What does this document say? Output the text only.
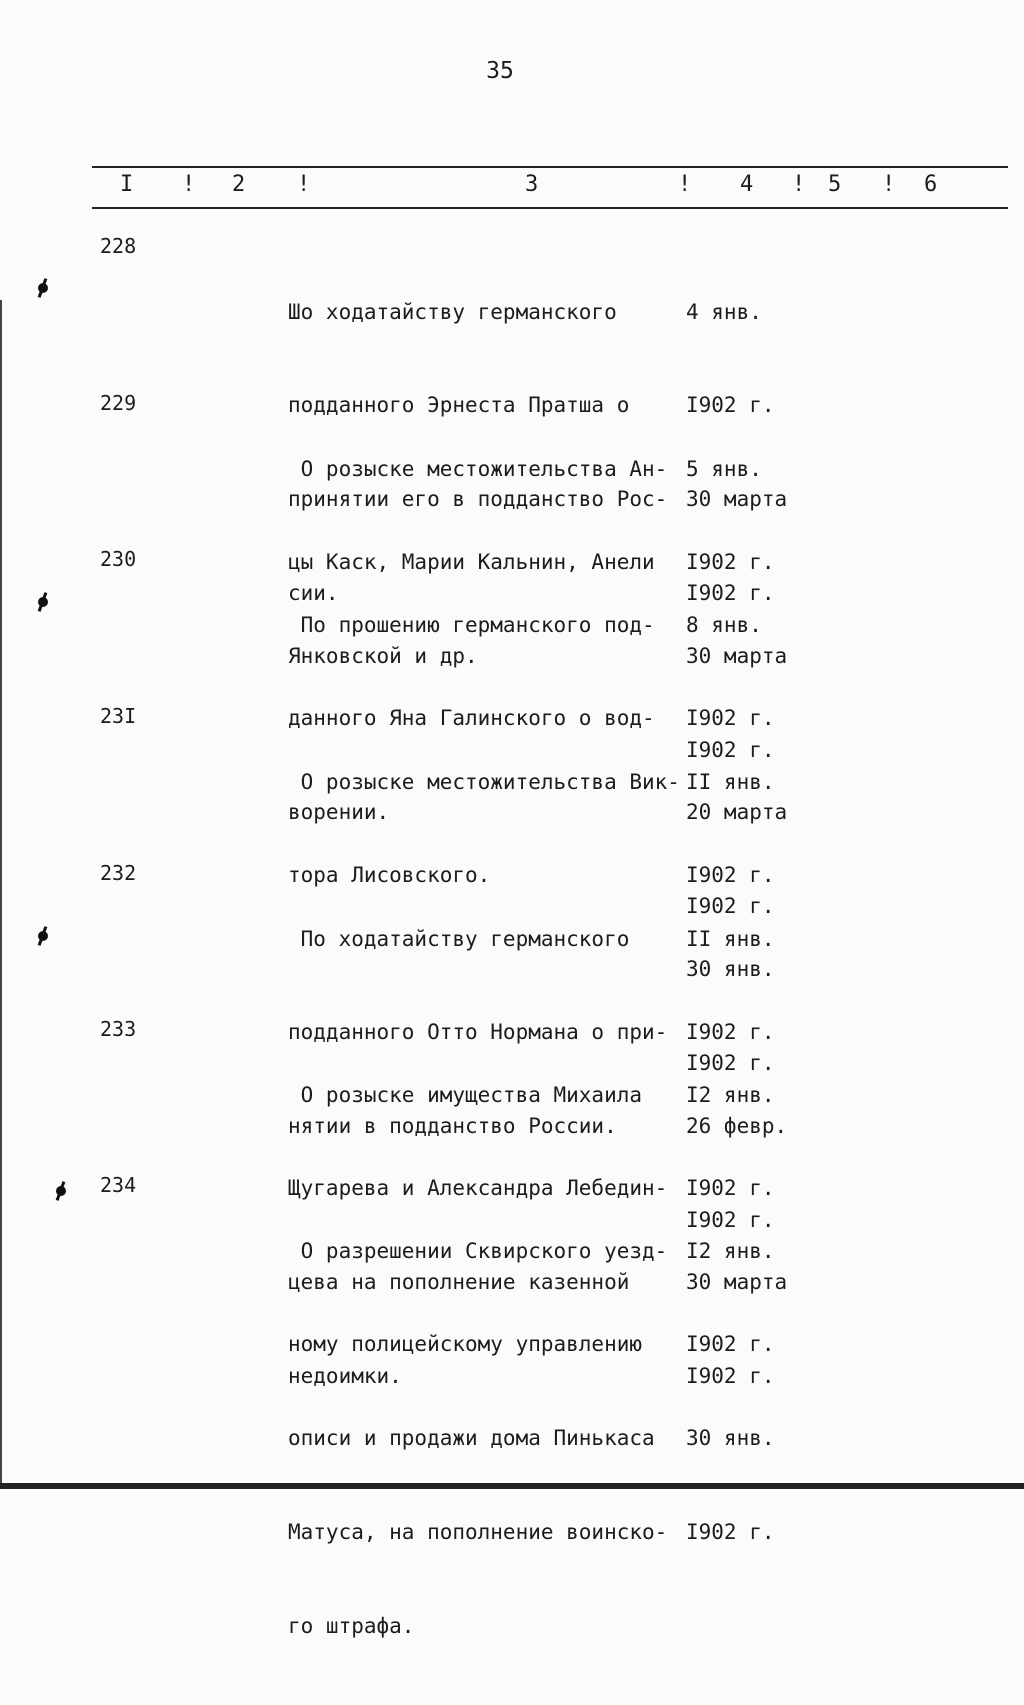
35
I ! 2 !	3	! 4 ! 5 ! 6
228

Шо ходатайству германского

подданного Эрнеста Пратша о

принятии его в подданство Рос-

сии.

4 янв.

I902 г.

30 марта

I902 г.

229

О розыске местожительства Ан-

цы Каск, Марии Кальнин, Анели

Янковской и др.

5 янв.

I902 г.

30 марта

I902 г.

230

По прошению германского под-

данного Яна Галинского о вод-

ворении.

8 янв.

I902 г.

20 марта

I902 г.

23I

О розыске местожительства Вик-

тора Лисовского.

II янв.

I902 г.

30 янв.

I902 г.

232

По ходатайству германского

подданного Отто Нормана о при-

нятии в подданство России.

II янв.

I902 г.

26 февр.

I902 г.

233

О розыске имущества Михаила

Щугарева и Александра Лебедин-

цева на пополнение казенной

недоимки.

I2 янв.

I902 г.

30 марта

I902 г.

234

О разрешении Сквирского уезд-

ному полицейскому управлению

описи и продажи дома Пинькаса

Матуса, на пополнение воинско-

го штрафа.

I2 янв.

I902 г.

30 янв.

I902 г.
